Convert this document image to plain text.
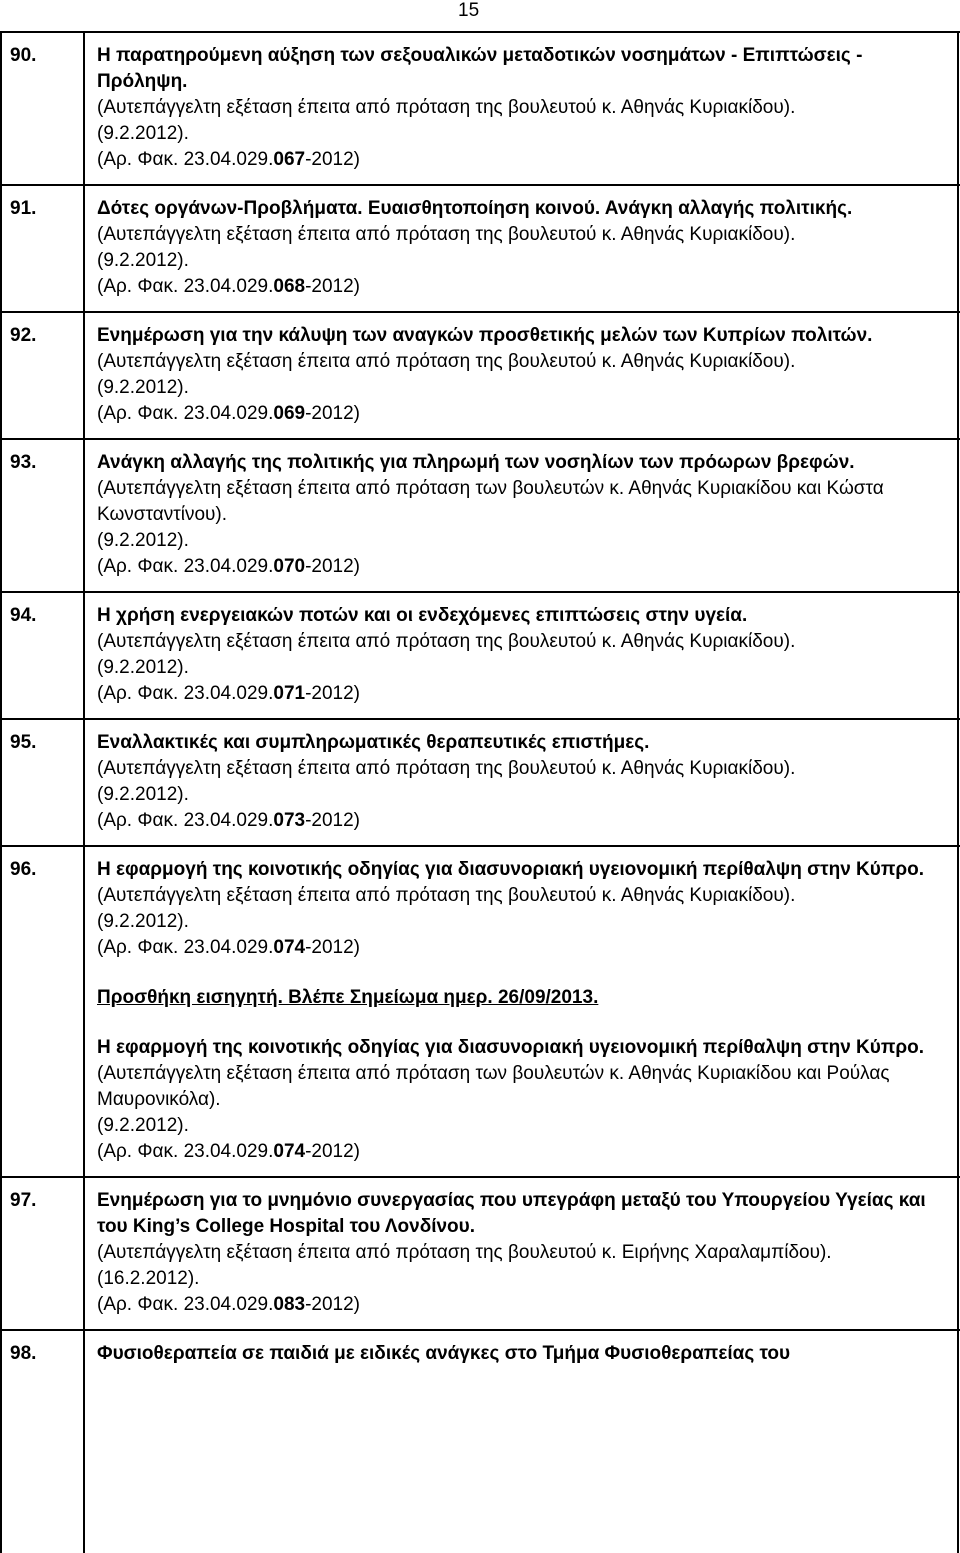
15
90.	Η παρατηρούμενη αύξηση των σεξουαλικών μεταδοτικών νοσημάτων - Επιπτώσεις - Πρόληψη.
(Αυτεπάγγελτη εξέταση έπειτα από πρόταση της βουλευτού κ. Αθηνάς Κυριακίδου).
(9.2.2012).
(Αρ. Φακ. 23.04.029.067-2012)
91.	Δότες οργάνων-Προβλήματα. Ευαισθητοποίηση κοινού. Ανάγκη αλλαγής πολιτικής.
(Αυτεπάγγελτη εξέταση έπειτα από πρόταση της βουλευτού κ. Αθηνάς Κυριακίδου).
(9.2.2012).
(Αρ. Φακ. 23.04.029.068-2012)
92.	Ενημέρωση για την κάλυψη των αναγκών προσθετικής μελών των Κυπρίων πολιτών.
(Αυτεπάγγελτη εξέταση έπειτα από πρόταση της βουλευτού κ. Αθηνάς Κυριακίδου).
(9.2.2012).
(Αρ. Φακ. 23.04.029.069-2012)
93.	Ανάγκη αλλαγής της πολιτικής για πληρωμή των νοσηλίων των πρόωρων βρεφών.
(Αυτεπάγγελτη εξέταση έπειτα από πρόταση των βουλευτών κ. Αθηνάς Κυριακίδου και Κώστα Κωνσταντίνου).
(9.2.2012).
(Αρ. Φακ. 23.04.029.070-2012)
94.	Η χρήση ενεργειακών ποτών και οι ενδεχόμενες επιπτώσεις στην υγεία.
(Αυτεπάγγελτη εξέταση έπειτα από πρόταση της βουλευτού κ. Αθηνάς Κυριακίδου).
(9.2.2012).
(Αρ. Φακ. 23.04.029.071-2012)
95.	Εναλλακτικές και συμπληρωματικές θεραπευτικές επιστήμες.
(Αυτεπάγγελτη εξέταση έπειτα από πρόταση της βουλευτού κ. Αθηνάς Κυριακίδου).
(9.2.2012).
(Αρ. Φακ. 23.04.029.073-2012)
96.	Η εφαρμογή της κοινοτικής οδηγίας για διασυνοριακή υγειονομική περίθαλψη στην Κύπρο.
(Αυτεπάγγελτη εξέταση έπειτα από πρόταση της βουλευτού κ. Αθηνάς Κυριακίδου).
(9.2.2012).
(Αρ. Φακ. 23.04.029.074-2012)
Προσθήκη εισηγητή. Βλέπε Σημείωμα ημερ. 26/09/2013.
Η εφαρμογή της κοινοτικής οδηγίας για διασυνοριακή υγειονομική περίθαλψη στην Κύπρο.
(Αυτεπάγγελτη εξέταση έπειτα από πρόταση των βουλευτών κ. Αθηνάς Κυριακίδου και Ρούλας Μαυρονικόλα).
(9.2.2012).
(Αρ. Φακ. 23.04.029.074-2012)
97.	Ενημέρωση για το μνημόνιο συνεργασίας που υπεγράφη μεταξύ του Υπουργείου Υγείας και του King’s College Hospital του Λονδίνου.
(Αυτεπάγγελτη εξέταση έπειτα από πρόταση της βουλευτού κ. Ειρήνης Χαραλαμπίδου).
(16.2.2012).
(Αρ. Φακ. 23.04.029.083-2012)
98.	Φυσιοθεραπεία σε παιδιά με ειδικές ανάγκες στο Τμήμα Φυσιοθεραπείας του
